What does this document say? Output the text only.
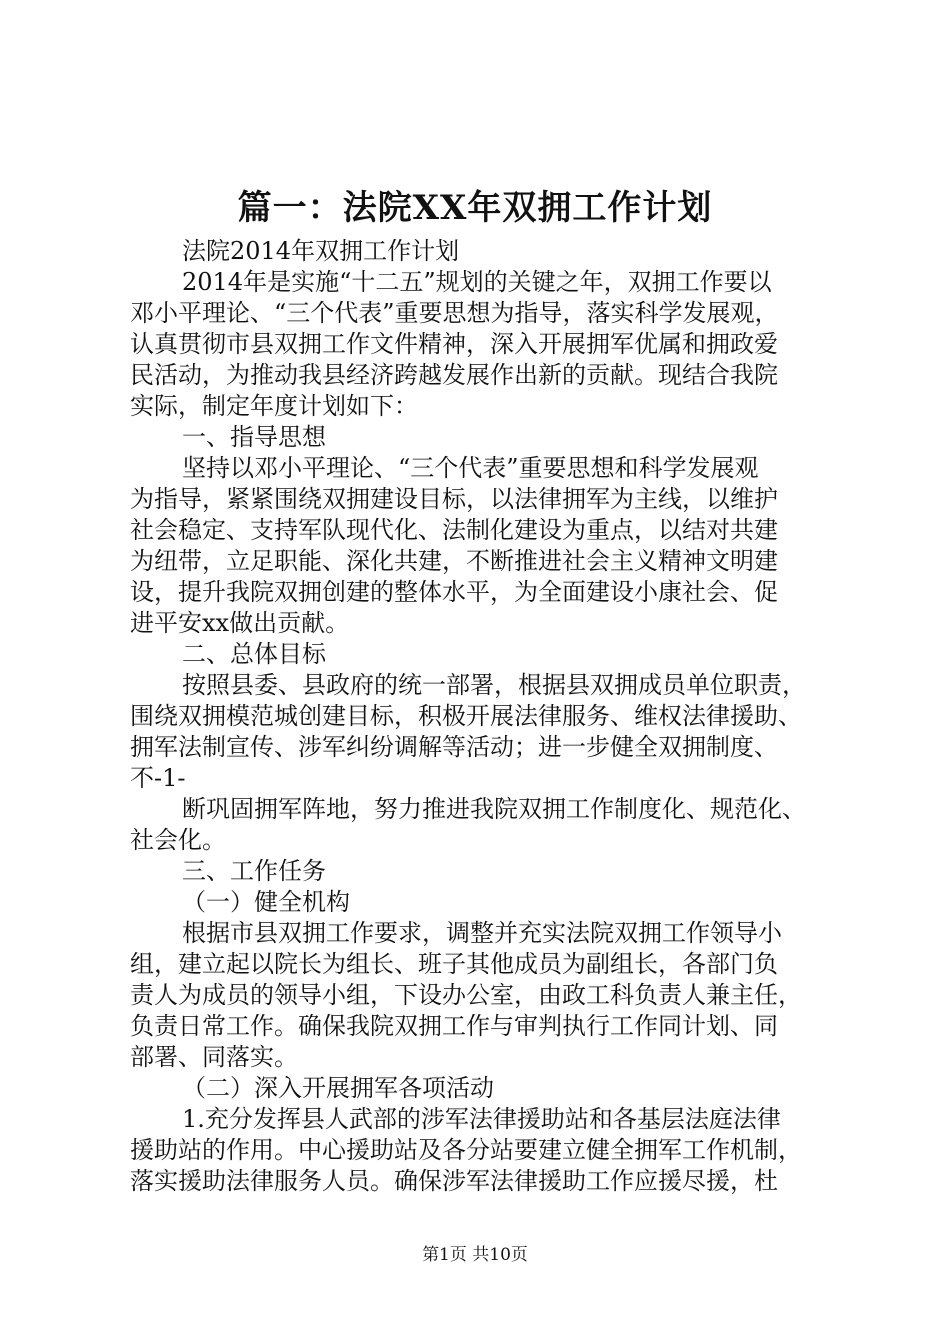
篇一：法院XX年双拥工作计划

法院2014年双拥工作计划

2014年是实施“十二五”规划的关键之年，双拥工作要以

邓小平理论、“三个代表”重要思想为指导，落实科学发展观，

认真贯彻市县双拥工作文件精神，深入开展拥军优属和拥政爱

民活动，为推动我县经济跨越发展作出新的贡献。现结合我院

实际，制定年度计划如下：

一、指导思想

坚持以邓小平理论、“三个代表”重要思想和科学发展观

为指导，紧紧围绕双拥建设目标，以法律拥军为主线，以维护

社会稳定、支持军队现代化、法制化建设为重点，以结对共建

为纽带，立足职能、深化共建，不断推进社会主义精神文明建

设，提升我院双拥创建的整体水平，为全面建设小康社会、促

进平安xx做出贡献。

二、总体目标

按照县委、县政府的统一部署，根据县双拥成员单位职责，

围绕双拥模范城创建目标，积极开展法律服务、维权法律援助、

拥军法制宣传、涉军纠纷调解等活动；进一步健全双拥制度、

不-1-

断巩固拥军阵地，努力推进我院双拥工作制度化、规范化、

社会化。

三、工作任务

（一）健全机构

根据市县双拥工作要求，调整并充实法院双拥工作领导小

组，建立起以院长为组长、班子其他成员为副组长，各部门负

责人为成员的领导小组，下设办公室，由政工科负责人兼主任，

负责日常工作。确保我院双拥工作与审判执行工作同计划、同

部署、同落实。

（二）深入开展拥军各项活动

1.充分发挥县人武部的涉军法律援助站和各基层法庭法律

援助站的作用。中心援助站及各分站要建立健全拥军工作机制，

落实援助法律服务人员。确保涉军法律援助工作应援尽援，杜

第1页 共10页
